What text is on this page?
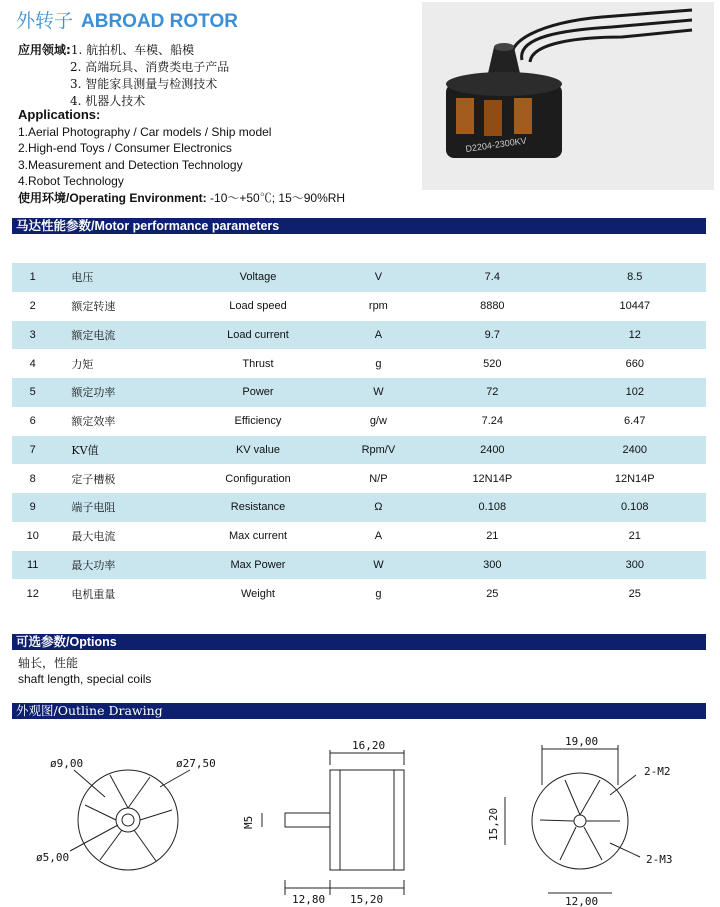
外转子 ABROAD ROTOR
应用领域:1. 航拍机、车模、船模
2. 高端玩具、消费类电子产品
3. 智能家具测量与检测技术
4. 机器人技术
Applications:
1.Aerial Photography / Car models / Ship model
2.High-end Toys / Consumer Electronics
3.Measurement and Detection Technology
4.Robot Technology
使用环境/Operating Environment: -10～+50℃; 15～90%RH
D2204-2300KV
马达性能参数/Motor performance parameters
1	电压	Voltage	V	7.4	8.5
2	额定转速	Load speed	rpm	8880	10447
3	额定电流	Load current	A	9.7	12
4	力矩	Thrust	g	520	660
5	额定功率	Power	W	72	102
6	额定效率	Efficiency	g/w	7.24	6.47
7	KV值	KV value	Rpm/V	2400	2400
8	定子槽极	Configuration	N/P	12N14P	12N14P
9	端子电阻	Resistance	Ω	0.108	0.108
10	最大电流	Max current	A	21	21
11	最大功率	Max Power	W	300	300
12	电机重量	Weight	g	25	25
可选参数/Options
轴长，性能
shaft length, special coils
外观图/Outline Drawing
ø9,00	ø27,50
ø5,00
16,20
M5
12,80 15,20
19,00
15,20
12,00
2-M2
2-M3
